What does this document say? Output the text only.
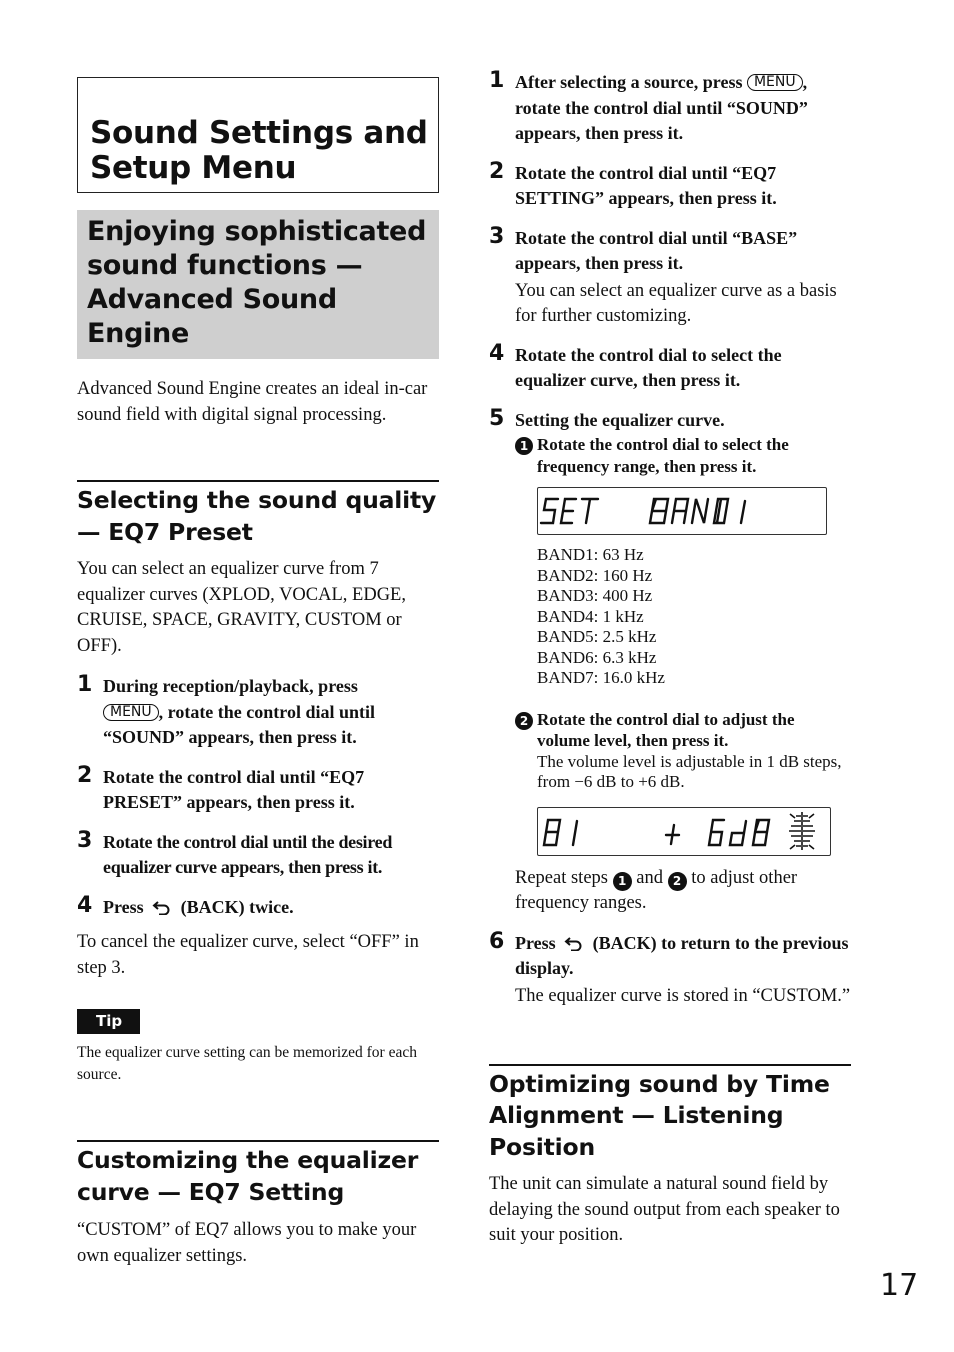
Sound Settings and Setup Menu
Enjoying sophisticated sound functions — Advanced Sound Engine

Advanced Sound Engine creates an ideal in-car sound field with digital signal processing.

Selecting the sound quality — EQ7 Preset

You can select an equalizer curve from 7 equalizer curves (XPLOD, VOCAL, EDGE, CRUISE, SPACE, GRAVITY, CUSTOM or OFF).

1 During reception/playback, press
MENU , rotate the control dial until “SOUND” appears, then press it.
2 Rotate the control dial until “EQ7 PRESET” appears, then press it.
3 Rotate the control dial until the desired equalizer curve appears, then press it.
4 Press (BACK) twice.

To cancel the equalizer curve, select “OFF” in step 3.

Tip

The equalizer curve setting can be memorized for each source.

Customizing the equalizer curve — EQ7 Setting

“CUSTOM” of EQ7 allows you to make your own equalizer settings.

1 After selecting a source, press MENU , rotate the control dial until “SOUND” appears, then press it.
2 Rotate the control dial until “EQ7 SETTING” appears, then press it.
3 Rotate the control dial until “BASE” appears, then press it.
You can select an equalizer curve as a basis for further customizing.
4 Rotate the control dial to select the equalizer curve, then press it.
5 Setting the equalizer curve.
1 Rotate the control dial to select the frequency range, then press it.
BAND1: 63 Hz
BAND2: 160 Hz
BAND3: 400 Hz
BAND4: 1 kHz
BAND5: 2.5 kHz
BAND6: 6.3 kHz
BAND7: 16.0 kHz
2 Rotate the control dial to adjust the volume level, then press it.
The volume level is adjustable in 1 dB steps, from −6 dB to +6 dB.

Repeat steps 1 and 2 to adjust other frequency ranges.

6 Press (BACK) to return to the previous display.
The equalizer curve is stored in “CUSTOM.”
Optimizing sound by Time Alignment — Listening Position

The unit can simulate a natural sound field by delaying the sound output from each speaker to suit your position.

17
